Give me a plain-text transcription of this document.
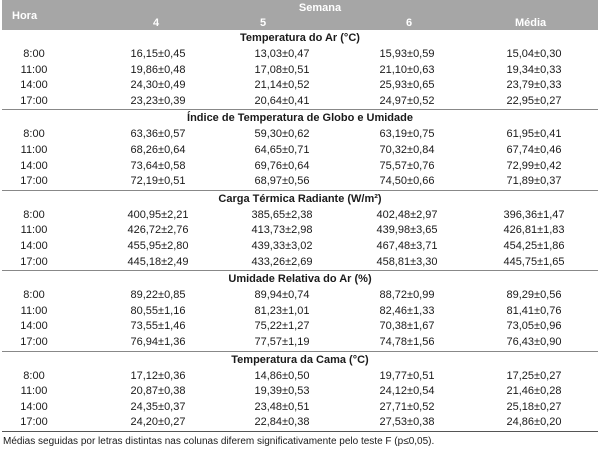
Hora
Semana
4	5	6	Média
Temperatura do Ar (°C)				
8:00	16,15±0,45	13,03±0,47	15,93±0,59	15,04±0,30
11:00	19,86±0,48	17,08±0,51	21,10±0,63	19,34±0,33
14:00	24,30±0,49	21,14±0,52	25,93±0,65	23,79±0,33
17:00	23,23±0,39	20,64±0,41	24,97±0,52	22,95±0,27
Índice de Temperatura de Globo e Umidade				
8:00	63,36±0,57	59,30±0,62	63,19±0,75	61,95±0,41
11:00	68,26±0,64	64,65±0,71	70,32±0,84	67,74±0,46
14:00	73,64±0,58	69,76±0,64	75,57±0,76	72,99±0,42
17:00	72,19±0,51	68,97±0,56	74,50±0,66	71,89±0,37
Carga Térmica Radiante (W/m²)				
8:00	400,95±2,21	385,65±2,38	402,48±2,97	396,36±1,47
11:00	426,72±2,76	413,73±2,98	439,98±3,65	426,81±1,83
14:00	455,95±2,80	439,33±3,02	467,48±3,71	454,25±1,86
17:00	445,18±2,49	433,26±2,69	458,81±3,30	445,75±1,65
Umidade Relativa do Ar (%)				
8:00	89,22±0,85	89,94±0,74	88,72±0,99	89,29±0,56
11:00	80,55±1,16	81,23±1,01	82,46±1,33	81,41±0,76
14:00	73,55±1,46	75,22±1,27	70,38±1,67	73,05±0,96
17:00	76,94±1,36	77,57±1,19	74,78±1,56	76,43±0,90
Temperatura da Cama (°C)				
8:00	17,12±0,36	14,86±0,50	19,77±0,51	17,25±0,27
11:00	20,87±0,38	19,39±0,53	24,12±0,54	21,46±0,28
14:00	24,35±0,37	23,48±0,51	27,71±0,52	25,18±0,27
17:00	24,20±0,27	22,84±0,38	27,53±0,38	24,86±0,20
Médias seguidas por letras distintas nas colunas diferem significativamente pelo teste F (p≤0,05).
